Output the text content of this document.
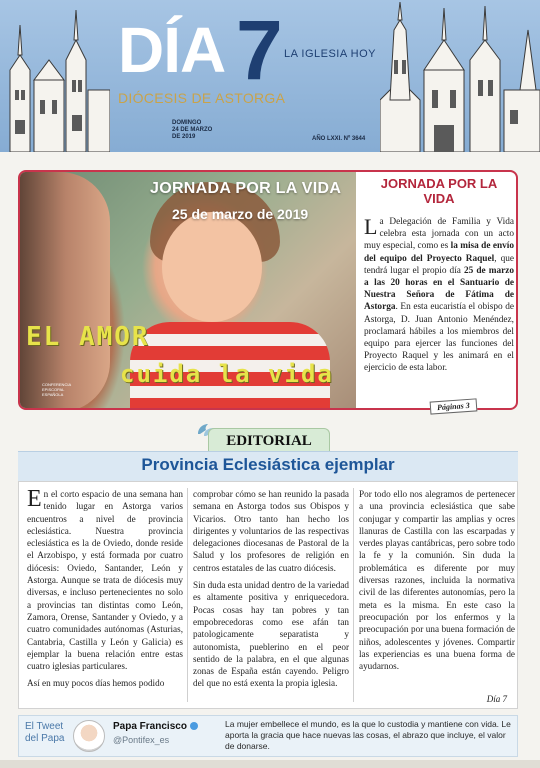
DÍA 7 LA IGLESIA HOY
DIÓCESIS DE ASTORGA
DOMINGO
24 DE MARZO
DE 2019	AÑO LXXI. Nº 3644
JORNADA POR LA VIDA
25 de marzo de 2019
EL AMOR
cuida la vida
CONFERENCIA EPISCOPAL ESPAÑOLA
JORNADA POR LA VIDA
La Delegación de Familia y Vida celebra esta jornada con un acto muy especial, como es la misa de envío del equipo del Proyecto Raquel, que tendrá lugar el propio día 25 de marzo a las 20 horas en el Santuario de Nuestra Señora de Fátima de Astorga. En esta eucaristía el obispo de Astorga, D. Juan Antonio Menéndez, proclamará hábiles a los miembros del equipo para ejercer las funciones del Proyecto Raquel y les animará en el ejercicio de esta labor.
Páginas 3
EDITORIAL
Provincia Eclesiástica ejemplar

En el corto espacio de una semana han tenido lugar en Astorga varios encuentros a nivel de provincia eclesiástica. Nuestra provincia eclesiástica es la de Oviedo, donde reside el Arzobispo, y está formada por cuatro diócesis: Oviedo, Santander, León y Astorga. Aunque se trata de diócesis muy diversas, e incluso pertenecientes no solo a provincias tan distintas como León, Zamora, Orense, Santander y Oviedo, y a cuatro comunidades autónomas (Asturias, Cantabria, Castilla y León y Galicia) es ejemplar la buena relación entre estas cuatro iglesias particulares.

Así en muy pocos días hemos podido

comprobar cómo se han reunido la pasada semana en Astorga todos sus Obispos y Vicarios. Otro tanto han hecho los dirigentes y voluntarios de las respectivas delegaciones diocesanas de Pastoral de la Salud y los profesores de religión en centros estatales de las cuatro diócesis.

Sin duda esta unidad dentro de la variedad es altamente positiva y enriquecedora. Pocas cosas hay tan pobres y tan empobrecedoras como ese afán tan patologicamente separatista y autonomista, pueblerino en el peor sentido de la palabra, en el que algunas zonas de España están cayendo. Peligro del que no está exenta la propia iglesia.

Por todo ello nos alegramos de pertenecer a una provincia eclesiástica que sabe conjugar y compartir las amplias y ocres llanuras de Castilla con las escarpadas y verdes playas cantábricas, pero sobre todo la fe y la comunión. Sin duda la problemática es diferente por muy diversas razones, incluida la normativa civil de las diferentes autonomías, pero la meta es la misma. En este caso la preocupación por los enfermos y la preocupación por una buena formación de niños, adolescentes y jóvenes. Compartir las experiencias es una buena forma de ayudarnos.

Día 7
El Tweet
del Papa
Papa Francisco
@Pontifex_es
La mujer embellece el mundo, es la que lo custodia y mantiene con vida. Le aporta la gracia que hace nuevas las cosas, el abrazo que incluye, el valor de donarse.
